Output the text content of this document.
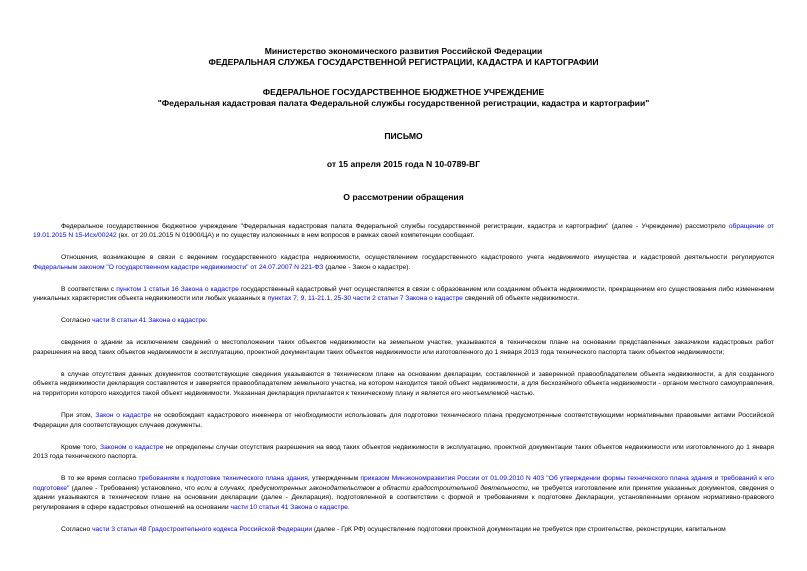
Министерство экономического развития Российской Федерации
ФЕДЕРАЛЬНАЯ СЛУЖБА ГОСУДАРСТВЕННОЙ РЕГИСТРАЦИИ, КАДАСТРА И КАРТОГРАФИИ
ФЕДЕРАЛЬНОЕ ГОСУДАРСТВЕННОЕ БЮДЖЕТНОЕ УЧРЕЖДЕНИЕ
"Федеральная кадастровая палата Федеральной службы государственной регистрации, кадастра и картографии"
ПИСЬМО
от 15 апреля 2015 года N 10-0789-ВГ
О рассмотрении обращения

Федеральное государственное бюджетное учреждение "Федеральная кадастровая палата Федеральной службы государственной регистрации, кадастра и картографии" (далее - Учреждение) рассмотрело обращение от 19.01.2015 N 15-Исх/00242 (вх. от 20.01.2015 N 01900/ЦА) и по существу изложенных в нем вопросов в рамках своей компетенции сообщает.

Отношения, возникающие в связи с ведением государственного кадастра недвижимости, осуществлением государственного кадастрового учета недвижимого имущества и кадастровой деятельности регулируются Федеральным законом "О государственном кадастре недвижимости" от 24.07.2007 N 221-ФЗ (далее - Закон о кадастре).

В соответствии с пунктом 1 статьи 16 Закона о кадастре государственный кадастровый учет осуществляется в связи с образованием или созданием объекта недвижимости, прекращением его существования либо изменением уникальных характеристик объекта недвижимости или любых указанных в пунктах 7, 9, 11-21.1, 25-30 части 2 статьи 7 Закона о кадастре сведений об объекте недвижимости.

Согласно части 8 статьи 41 Закона о кадастре:

сведения о здании за исключением сведений о местоположении таких объектов недвижимости на земельном участке, указываются в техническом плане на основании представленных заказчиком кадастровых работ разрешения на ввод таких объектов недвижимости в эксплуатацию, проектной документации таких объектов недвижимости или изготовленного до 1 января 2013 года технического паспорта таких объектов недвижимости;

в случае отсутствия данных документов соответствующие сведения указываются в техническом плане на основании декларации, составленной и заверенной правообладателем объекта недвижимости, а для созданного объекта недвижимости декларация составляется и заверяется правообладателем земельного участка, на котором находится такой объект недвижимости, а для бесхозяйного объекта недвижимости - органом местного самоуправления, на территории которого находится такой объект недвижимости. Указанная декларация прилагается к техническому плану и является его неотъемлемой частью.

При этом, Закон о кадастре не освобождает кадастрового инженера от необходимости использовать для подготовки технического плана предусмотренные соответствующими нормативными правовыми актами Российской Федерации для соответствующих случаев документы.

Кроме того, Законом о кадастре не определены случаи отсутствия разрешения на ввод таких объектов недвижимости в эксплуатацию, проектной документации таких объектов недвижимости или изготовленного до 1 января 2013 года технического паспорта.

В то же время согласно требованиям к подготовке технического плана здания, утвержденным приказом Минэкономразвития России от 01.09.2010 N 403 "Об утверждении формы технического плана здания и требований к его подготовке" (далее - Требования) установлено, что если в случаях, предусмотренных законодательством в области градостроительной деятельности, не требуется изготовление или принятие указанных документов, сведения о здании указываются в техническом плане на основании декларации (далее - Декларация), подготовленной в соответствии с формой и требованиями к подготовке Декларации, установленными органом нормативно-правового регулирования в сфере кадастровых отношений на основании части 10 статьи 41 Закона о кадастре.

Согласно части 3 статьи 48 Градостроительного кодекса Российской Федерации (далее - ГрК РФ) осуществление подготовки проектной документации не требуется при строительстве, реконструкции, капитальном
